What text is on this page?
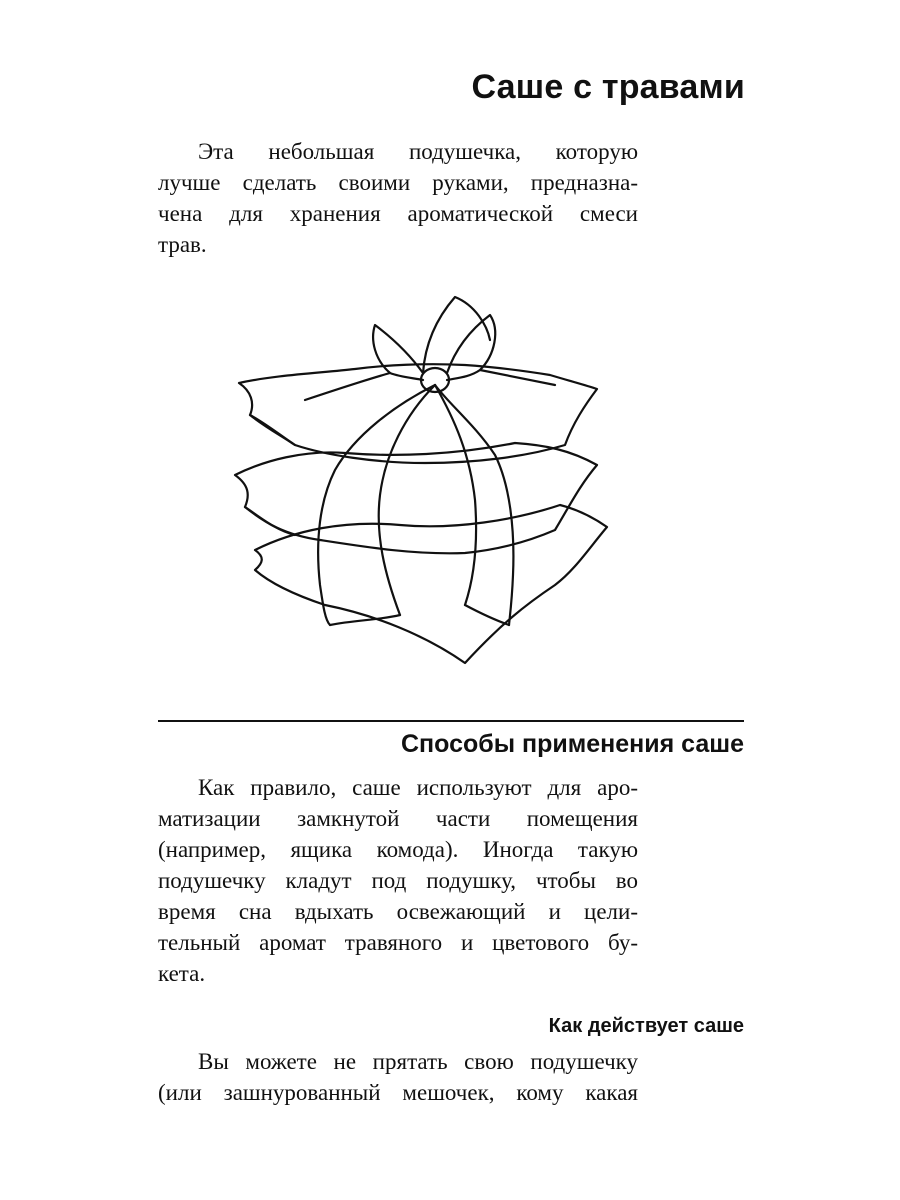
Саше с травами

Эта небольшая подушечка, которую
лучше сделать своими руками, предназна-
чена для хранения ароматической смеси
трав.

Способы применения саше

Как правило, саше используют для аро-
матизации замкнутой части помещения
(например, ящика комода). Иногда такую
подушечку кладут под подушку, чтобы во
время сна вдыхать освежающий и цели-
тельный аромат травяного и цветового бу-
кета.

Как действует саше

Вы можете не прятать свою подушечку
(или зашнурованный мешочек, кому какая
